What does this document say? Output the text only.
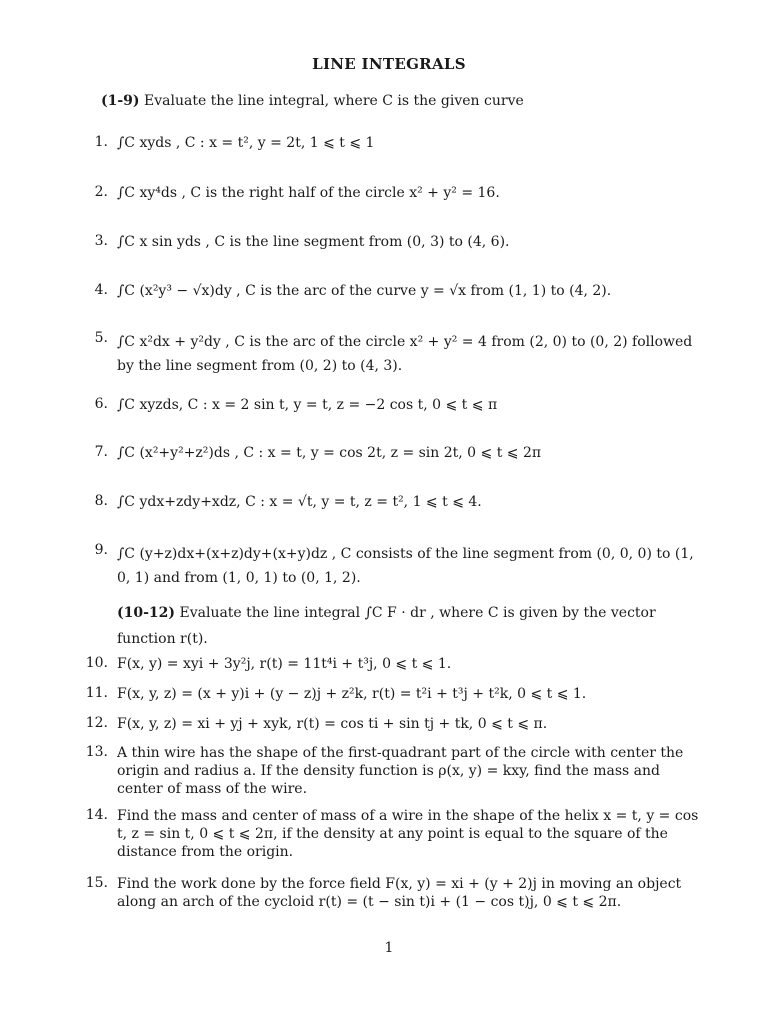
LINE INTEGRALS
(1-9) Evaluate the line integral, where C is the given curve
1. ∫C xyds , C : x = t², y = 2t, 1 ⩽ t ⩽ 1
2. ∫C xy⁴ds , C is the right half of the circle x² + y² = 16.
3. ∫C x sin yds , C is the line segment from (0, 3) to (4, 6).
4. ∫C (x²y³ − √x)dy , C is the arc of the curve y = √x from (1, 1) to (4, 2).
5. ∫C x²dx + y²dy , C is the arc of the circle x² + y² = 4 from (2, 0) to (0, 2) followed by the line segment from (0, 2) to (4, 3).
6. ∫C xyzds, C : x = 2 sin t, y = t, z = −2 cos t, 0 ⩽ t ⩽ π
7. ∫C (x²+y²+z²)ds , C : x = t, y = cos 2t, z = sin 2t, 0 ⩽ t ⩽ 2π
8. ∫C ydx+zdy+xdz, C : x = √t, y = t, z = t², 1 ⩽ t ⩽ 4.
9. ∫C (y+z)dx+(x+z)dy+(x+y)dz , C consists of the line segment from (0, 0, 0) to (1, 0, 1) and from (1, 0, 1) to (0, 1, 2).
(10-12) Evaluate the line integral ∫C F · dr , where C is given by the vector function r(t).
10. F(x, y) = xyi + 3y²j, r(t) = 11t⁴i + t³j, 0 ⩽ t ⩽ 1.
11. F(x, y, z) = (x + y)i + (y − z)j + z²k, r(t) = t²i + t³j + t²k, 0 ⩽ t ⩽ 1.
12. F(x, y, z) = xi + yj + xyk, r(t) = cos ti + sin tj + tk, 0 ⩽ t ⩽ π.
13. A thin wire has the shape of the first-quadrant part of the circle with center the origin and radius a. If the density function is ρ(x, y) = kxy, find the mass and center of mass of the wire.
14. Find the mass and center of mass of a wire in the shape of the helix x = t, y = cos t, z = sin t, 0 ⩽ t ⩽ 2π, if the density at any point is equal to the square of the distance from the origin.
15. Find the work done by the force field F(x, y) = xi + (y + 2)j in moving an object along an arch of the cycloid r(t) = (t − sin t)i + (1 − cos t)j, 0 ⩽ t ⩽ 2π.
1
